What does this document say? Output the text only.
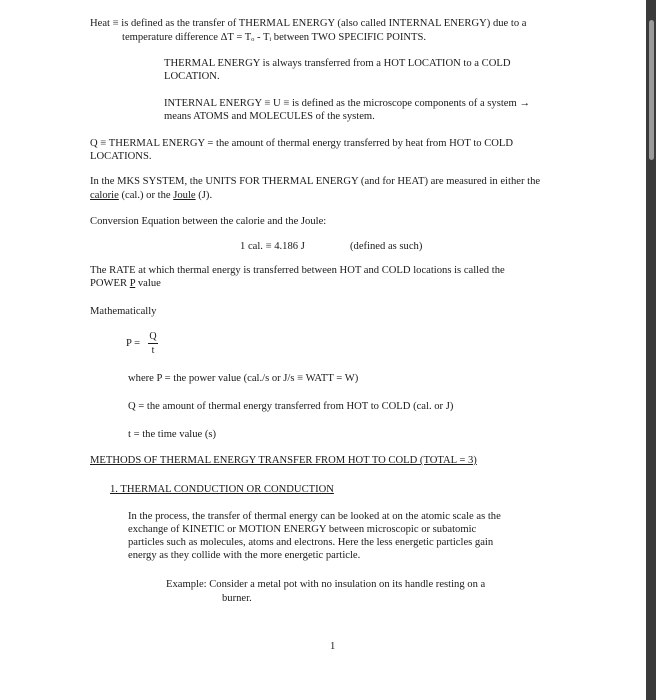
Heat ≡ is defined as the transfer of THERMAL ENERGY (also called INTERNAL ENERGY) due to a
temperature difference ΔT = Tₒ - Tᵢ between TWO SPECIFIC POINTS.
THERMAL ENERGY is always transferred from a HOT LOCATION to a COLD
LOCATION.
INTERNAL ENERGY ≡ U ≡ is defined as the microscope components of a system →
means ATOMS and MOLECULES of the system.
Q ≡ THERMAL ENERGY = the amount of thermal energy transferred by heat from HOT to COLD
LOCATIONS.
In the MKS SYSTEM, the UNITS FOR THERMAL ENERGY (and for HEAT) are measured in either the
calorie (cal.) or the Joule (J).
Conversion Equation between the calorie and the Joule:
1 cal. ≡ 4.186 J	(defined as such)
The RATE at which thermal energy is transferred between HOT and COLD locations is called the
POWER P value
Mathematically
P =
Q
t
where P = the power value (cal./s or J/s ≡ WATT = W)
Q = the amount of thermal energy transferred from HOT to COLD (cal. or J)
t = the time value (s)
METHODS OF THERMAL ENERGY TRANSFER FROM HOT TO COLD (TOTAL = 3)
1. THERMAL CONDUCTION OR CONDUCTION
In the process, the transfer of thermal energy can be looked at on the atomic scale as the
exchange of KINETIC or MOTION ENERGY between microscopic or subatomic
particles such as molecules, atoms and electrons. Here the less energetic particles gain
energy as they collide with the more energetic particle.
Example: Consider a metal pot with no insulation on its handle resting on a
burner.
1
